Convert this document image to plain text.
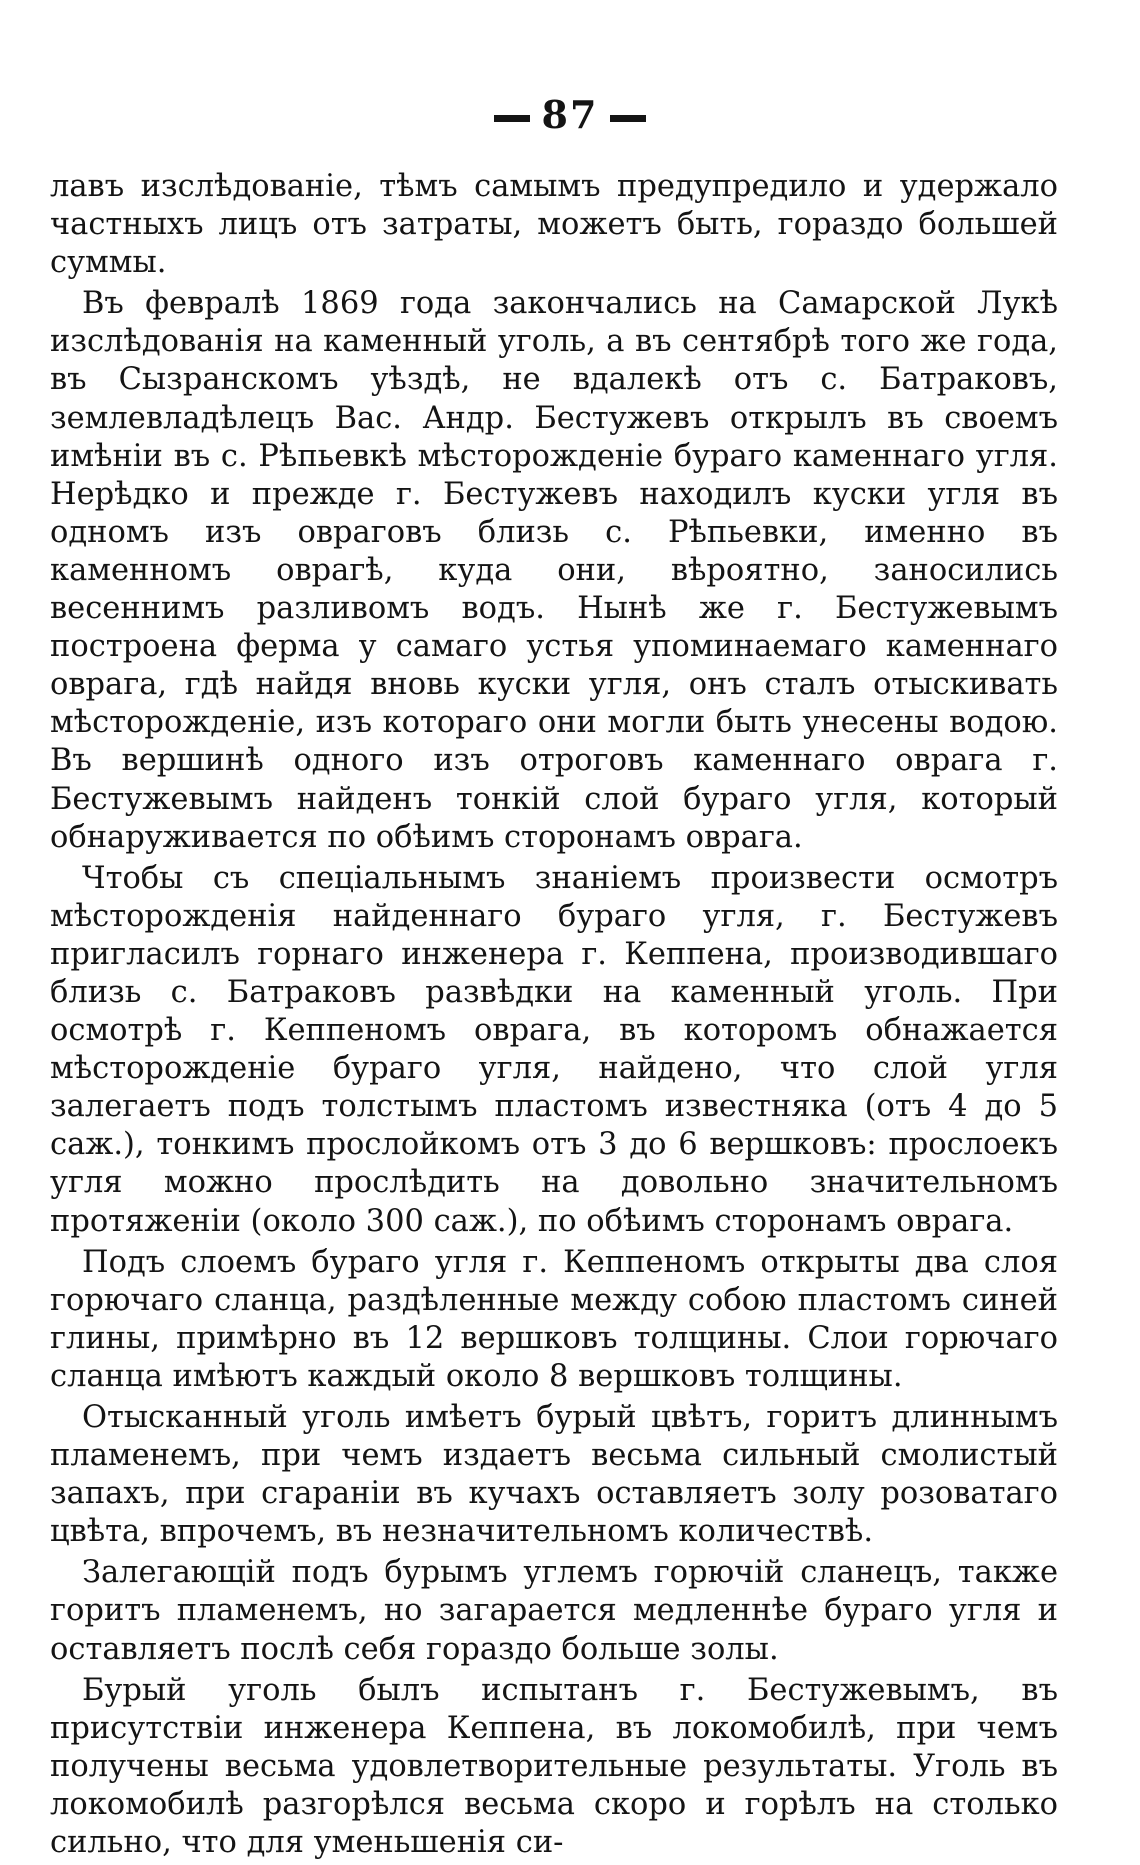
87

лавъ изслѣдованіе, тѣмъ самымъ предупредило и удержало частныхъ лицъ отъ затраты, можетъ быть, гораздо большей суммы.

Въ февралѣ 1869 года закончались на Самарской Лукѣ изслѣдованія на каменный уголь, а въ сентябрѣ того же года, въ Сызранскомъ уѣздѣ, не вдалекѣ отъ с. Батраковъ, землевладѣлецъ Вас. Андр. Бестужевъ открылъ въ своемъ имѣніи въ с. Рѣпьевкѣ мѣсторожденіе бураго каменнаго угля. Нерѣдко и прежде г. Бестужевъ находилъ куски угля въ одномъ изъ овраговъ близь с. Рѣпьевки, именно въ каменномъ оврагѣ, куда они, вѣроятно, заносились весеннимъ разливомъ водъ. Нынѣ же г. Бестужевымъ построена ферма у самаго устья упоминаемаго каменнаго оврага, гдѣ найдя вновь куски угля, онъ сталъ отыскивать мѣсторожденіе, изъ котораго они могли быть унесены водою. Въ вершинѣ одного изъ отроговъ каменнаго оврага г. Бестужевымъ найденъ тонкій слой бураго угля, который обнаруживается по обѣимъ сторонамъ оврага.

Чтобы съ спеціальнымъ знаніемъ произвести осмотръ мѣсторожденія найденнаго бураго угля, г. Бестужевъ пригласилъ горнаго инженера г. Кеппена, производившаго близь с. Батраковъ развѣдки на каменный уголь. При осмотрѣ г. Кеппеномъ оврага, въ которомъ обнажается мѣсторожденіе бураго угля, найдено, что слой угля залегаетъ подъ толстымъ пластомъ известняка (отъ 4 до 5 саж.), тонкимъ прослойкомъ отъ 3 до 6 вершковъ: прослоекъ угля можно прослѣдить на довольно значительномъ протяженіи (около 300 саж.), по обѣимъ сторонамъ оврага.

Подъ слоемъ бураго угля г. Кеппеномъ открыты два слоя горючаго сланца, раздѣленные между собою пластомъ синей глины, примѣрно въ 12 вершковъ толщины. Слои горючаго сланца имѣютъ каждый около 8 вершковъ толщины.

Отысканный уголь имѣетъ бурый цвѣтъ, горитъ длиннымъ пламенемъ, при чемъ издаетъ весьма сильный смолистый запахъ, при сгараніи въ кучахъ оставляетъ золу розоватаго цвѣта, впрочемъ, въ незначительномъ количествѣ.

Залегающій подъ бурымъ углемъ горючій сланецъ, также горитъ пламенемъ, но загарается медленнѣе бураго угля и оставляетъ послѣ себя гораздо больше золы.

Бурый уголь былъ испытанъ г. Бестужевымъ, въ присутствіи инженера Кеппена, въ локомобилѣ, при чемъ получены весьма удовлетворительные результаты. Уголь въ локомобилѣ разгорѣлся весьма скоро и горѣлъ на столько сильно, что для уменьшенія си-
